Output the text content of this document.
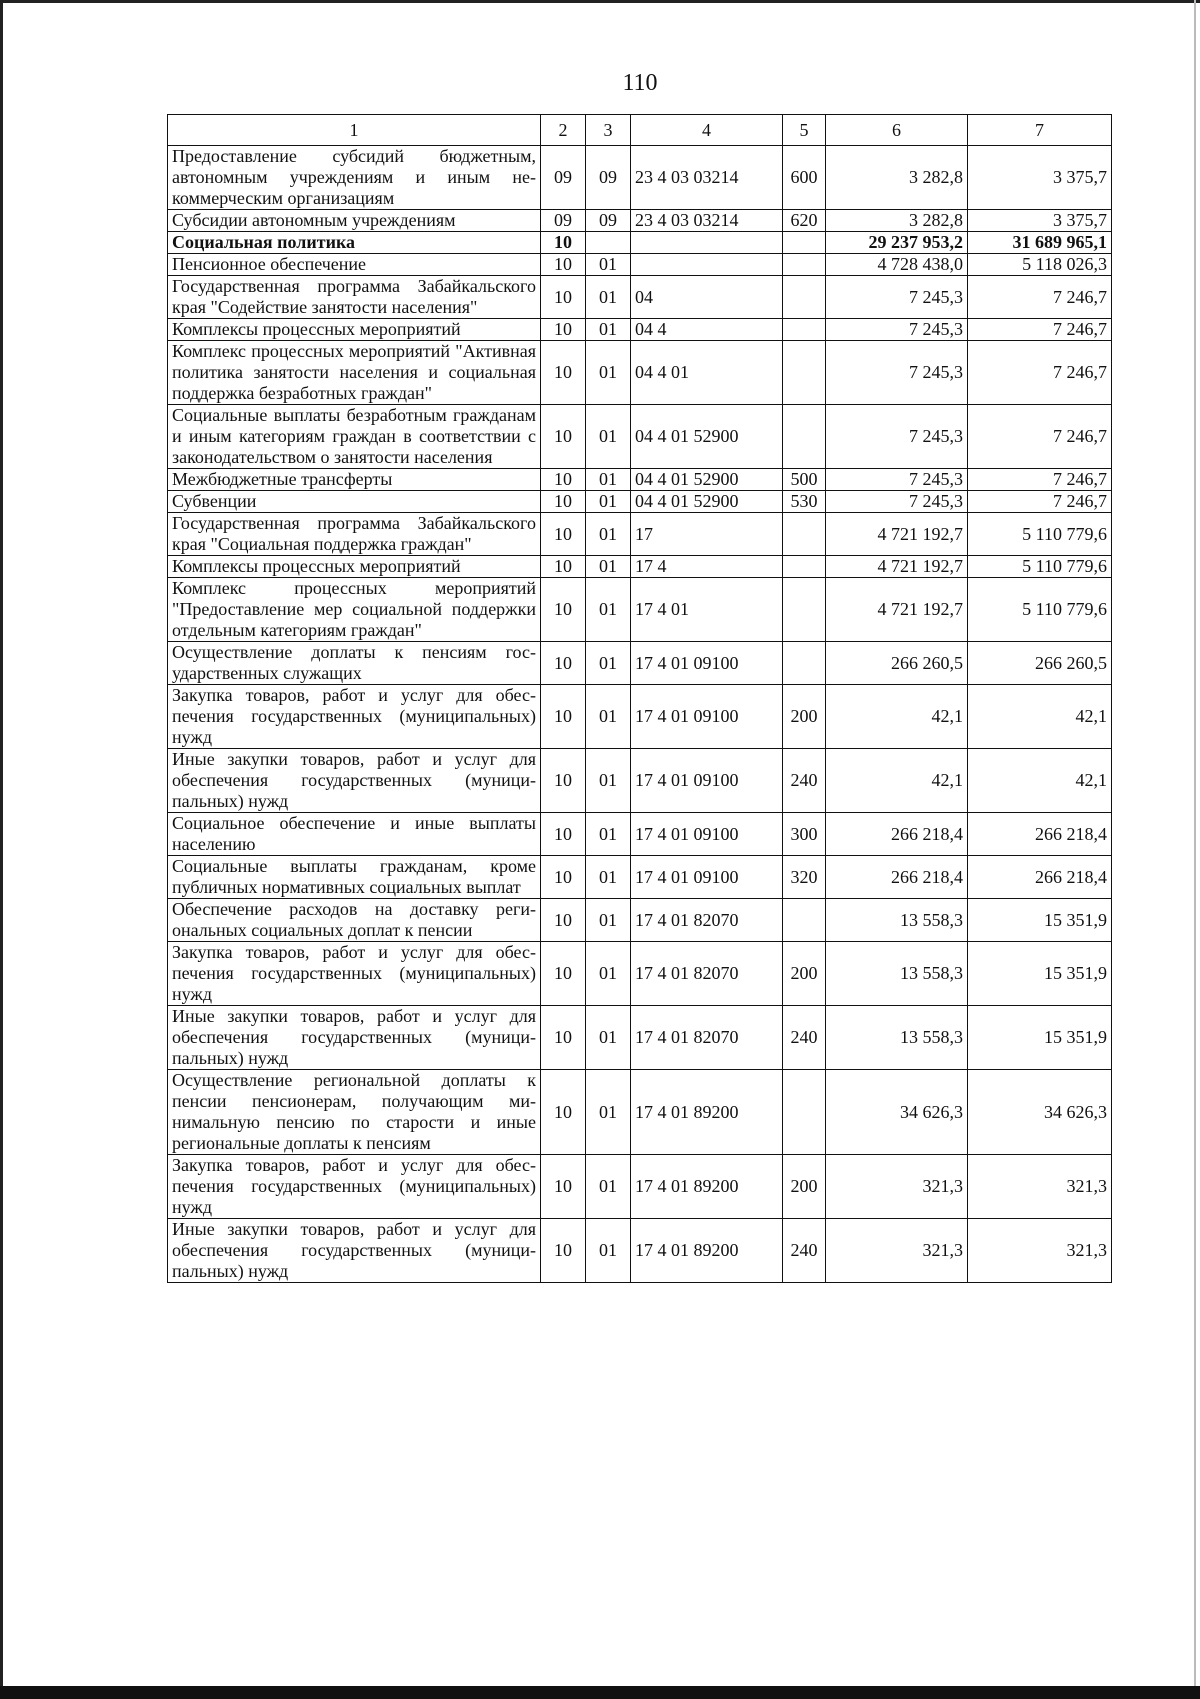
110
1	2	3	4	5	6	7
Предоставление субсидий бюджетным, автономным учреждениям и иным некоммерческим организациям	09	09	23 4 03 03214	600	3 282,8	3 375,7
Субсидии автономным учреждениям	09	09	23 4 03 03214	620	3 282,8	3 375,7
Социальная политика	10				29 237 953,2	31 689 965,1
Пенсионное обеспечение	10	01			4 728 438,0	5 118 026,3
Государственная программа Забайкальского края "Содействие занятости населения"	10	01	04		7 245,3	7 246,7
Комплексы процессных мероприятий	10	01	04 4		7 245,3	7 246,7
Комплекс процессных мероприятий "Активная политика занятости населения и социальная поддержка безработных граждан"	10	01	04 4 01		7 245,3	7 246,7
Социальные выплаты безработным гражданам и иным категориям граждан в соответствии с законодательством о занятости населения	10	01	04 4 01 52900		7 245,3	7 246,7
Межбюджетные трансферты	10	01	04 4 01 52900	500	7 245,3	7 246,7
Субвенции	10	01	04 4 01 52900	530	7 245,3	7 246,7
Государственная программа Забайкальского края "Социальная поддержка граждан"	10	01	17		4 721 192,7	5 110 779,6
Комплексы процессных мероприятий	10	01	17 4		4 721 192,7	5 110 779,6
Комплекс процессных мероприятий "Предоставление мер социальной поддержки отдельным категориям граждан"	10	01	17 4 01		4 721 192,7	5 110 779,6
Осуществление доплаты к пенсиям государственных служащих	10	01	17 4 01 09100		266 260,5	266 260,5
Закупка товаров, работ и услуг для обеспечения государственных (муниципальных) нужд	10	01	17 4 01 09100	200	42,1	42,1
Иные закупки товаров, работ и услуг для обеспечения государственных (муниципальных) нужд	10	01	17 4 01 09100	240	42,1	42,1
Социальное обеспечение и иные выплаты населению	10	01	17 4 01 09100	300	266 218,4	266 218,4
Социальные выплаты гражданам, кроме публичных нормативных социальных выплат	10	01	17 4 01 09100	320	266 218,4	266 218,4
Обеспечение расходов на доставку региональных социальных доплат к пенсии	10	01	17 4 01 82070		13 558,3	15 351,9
Закупка товаров, работ и услуг для обеспечения государственных (муниципальных) нужд	10	01	17 4 01 82070	200	13 558,3	15 351,9
Иные закупки товаров, работ и услуг для обеспечения государственных (муниципальных) нужд	10	01	17 4 01 82070	240	13 558,3	15 351,9
Осуществление региональной доплаты к пенсии пенсионерам, получающим минимальную пенсию по старости и иные региональные доплаты к пенсиям	10	01	17 4 01 89200		34 626,3	34 626,3
Закупка товаров, работ и услуг для обеспечения государственных (муниципальных) нужд	10	01	17 4 01 89200	200	321,3	321,3
Иные закупки товаров, работ и услуг для обеспечения государственных (муниципальных) нужд	10	01	17 4 01 89200	240	321,3	321,3
